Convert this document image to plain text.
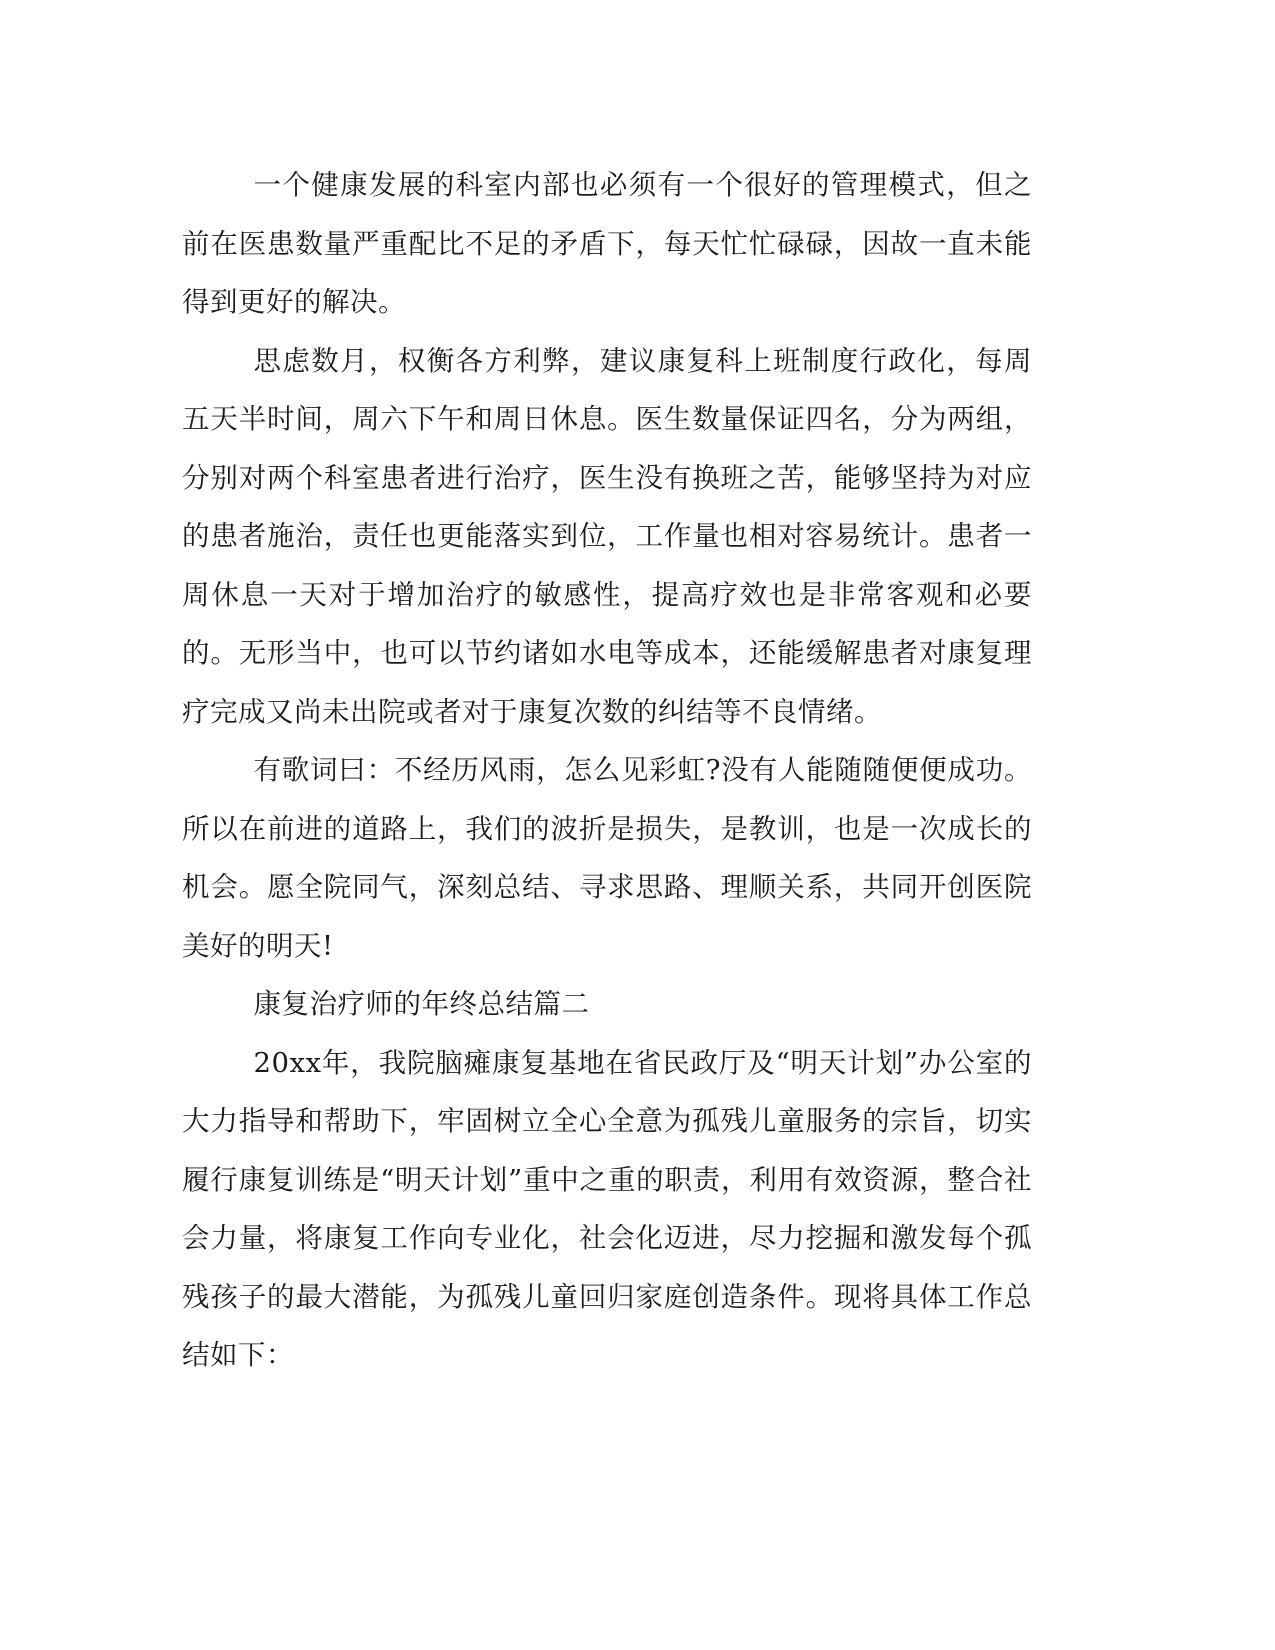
一个健康发展的科室内部也必须有一个很好的管理模式，但之前在医患数量严重配比不足的矛盾下，每天忙忙碌碌，因故一直未能得到更好的解决。

思虑数月，权衡各方利弊，建议康复科上班制度行政化，每周五天半时间，周六下午和周日休息。医生数量保证四名，分为两组，分别对两个科室患者进行治疗，医生没有换班之苦，能够坚持为对应的患者施治，责任也更能落实到位，工作量也相对容易统计。患者一周休息一天对于增加治疗的敏感性，提高疗效也是非常客观和必要的。无形当中，也可以节约诸如水电等成本，还能缓解患者对康复理疗完成又尚未出院或者对于康复次数的纠结等不良情绪。

有歌词曰：不经历风雨，怎么见彩虹?没有人能随随便便成功。所以在前进的道路上，我们的波折是损失，是教训，也是一次成长的机会。愿全院同气，深刻总结、寻求思路、理顺关系，共同开创医院美好的明天!

康复治疗师的年终总结篇二

20xx年，我院脑瘫康复基地在省民政厅及“明天计划”办公室的大力指导和帮助下，牢固树立全心全意为孤残儿童服务的宗旨，切实履行康复训练是“明天计划”重中之重的职责，利用有效资源，整合社会力量，将康复工作向专业化，社会化迈进，尽力挖掘和激发每个孤残孩子的最大潜能，为孤残儿童回归家庭创造条件。现将具体工作总结如下：
